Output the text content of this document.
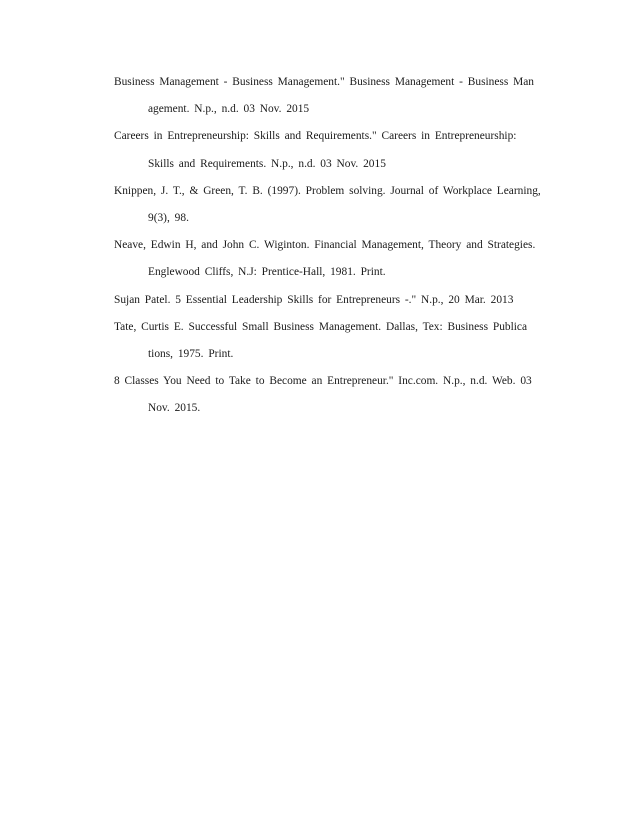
Business Management - Business Management." Business Management - Business Man
agement. N.p., n.d. 03 Nov. 2015
Careers in Entrepreneurship: Skills and Requirements." Careers in Entrepreneurship:
Skills and Requirements. N.p., n.d. 03 Nov. 2015
Knippen, J. T., & Green, T. B. (1997). Problem solving. Journal of Workplace Learning,
9(3), 98.
Neave, Edwin H, and John C. Wiginton. Financial Management, Theory and Strategies.
Englewood Cliffs, N.J: Prentice-Hall, 1981. Print.
Sujan Patel. 5 Essential Leadership Skills for Entrepreneurs -." N.p., 20 Mar. 2013
Tate, Curtis E. Successful Small Business Management. Dallas, Tex: Business Publica
tions, 1975. Print.
8 Classes You Need to Take to Become an Entrepreneur." Inc.com. N.p., n.d. Web. 03
Nov. 2015.
